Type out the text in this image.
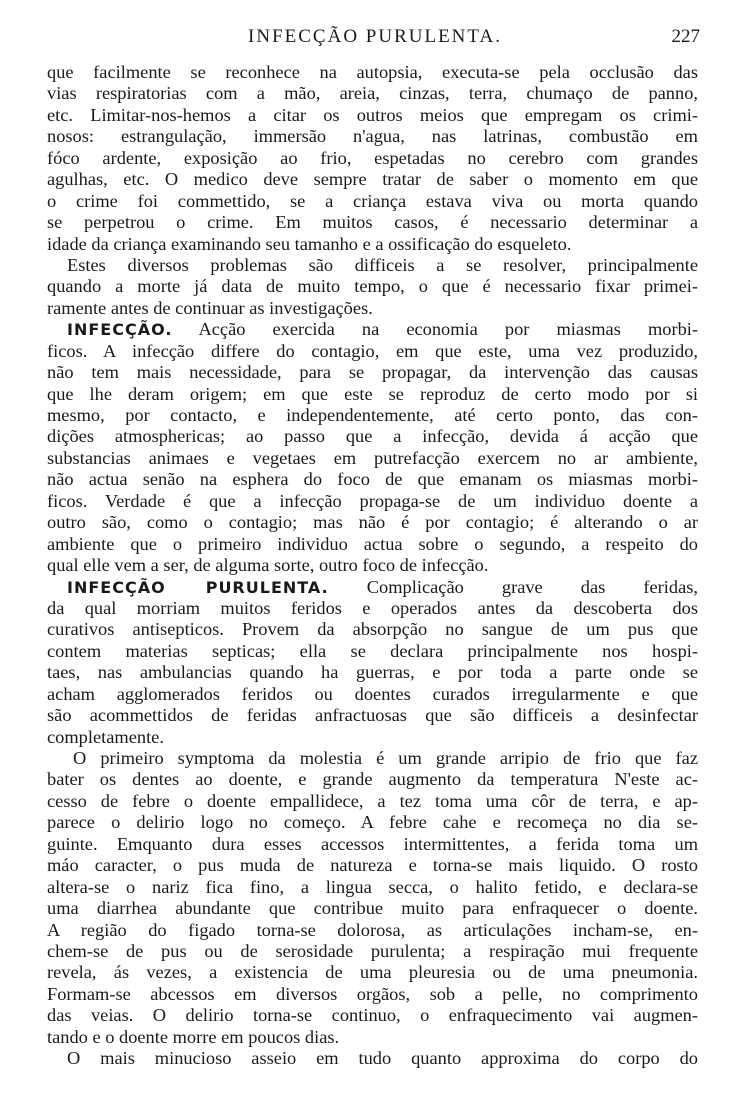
INFECÇÃO PURULENTA.	227
que facilmente se reconhece na autopsia, executa-se pela occlusão das
vias respiratorias com a mão, areia, cinzas, terra, chumaço de panno,
etc. Limitar-nos-hemos a citar os outros meios que empregam os crimi-
nosos: estrangulação, immersão n'agua, nas latrinas, combustão em
fóco ardente, exposição ao frio, espetadas no cerebro com grandes
agulhas, etc. O medico deve sempre tratar de saber o momento em que
o crime foi commettido, se a criança estava viva ou morta quando
se perpetrou o crime. Em muitos casos, é necessario determinar a
idade da criança examinando seu tamanho e a ossificação do esqueleto.
Estes diversos problemas são difficeis a se resolver, principalmente
quando a morte já data de muito tempo, o que é necessario fixar primei-
ramente antes de continuar as investigações.
INFECÇÃO. Acção exercida na economia por miasmas morbi-
ficos. A infecção differe do contagio, em que este, uma vez produzido,
não tem mais necessidade, para se propagar, da intervenção das causas
que lhe deram origem; em que este se reproduz de certo modo por si
mesmo, por contacto, e independentemente, até certo ponto, das con-
dições atmosphericas; ao passo que a infecção, devida á acção que
substancias animaes e vegetaes em putrefacção exercem no ar ambiente,
não actua senão na esphera do foco de que emanam os miasmas morbi-
ficos. Verdade é que a infecção propaga-se de um individuo doente a
outro são, como o contagio; mas não é por contagio; é alterando o ar
ambiente que o primeiro individuo actua sobre o segundo, a respeito do
qual elle vem a ser, de alguma sorte, outro foco de infecção.
INFECÇÃO PURULENTA. Complicação grave das feridas,
da qual morriam muitos feridos e operados antes da descoberta dos
curativos antisepticos. Provem da absorpção no sangue de um pus que
contem materias septicas; ella se declara principalmente nos hospi-
taes, nas ambulancias quando ha guerras, e por toda a parte onde se
acham agglomerados feridos ou doentes curados irregularmente e que
são acommettidos de feridas anfractuosas que são difficeis a desinfectar
completamente.
O primeiro symptoma da molestia é um grande arripio de frio que faz
bater os dentes ao doente, e grande augmento da temperatura N'este ac-
cesso de febre o doente empallidece, a tez toma uma côr de terra, e ap-
parece o delirio logo no começo. A febre cahe e recomeça no dia se-
guinte. Emquanto dura esses accessos intermittentes, a ferida toma um
máo caracter, o pus muda de natureza e torna-se mais liquido. O rosto
altera-se o nariz fica fino, a lingua secca, o halito fetido, e declara-se
uma diarrhea abundante que contribue muito para enfraquecer o doente.
A região do figado torna-se dolorosa, as articulações incham-se, en-
chem-se de pus ou de serosidade purulenta; a respiração mui frequente
revela, ás vezes, a existencia de uma pleuresia ou de uma pneumonia.
Formam-se abcessos em diversos orgãos, sob a pelle, no comprimento
das veias. O delirio torna-se continuo, o enfraquecimento vai augmen-
tando e o doente morre em poucos dias.
O mais minucioso asseio em tudo quanto approxima do corpo do
